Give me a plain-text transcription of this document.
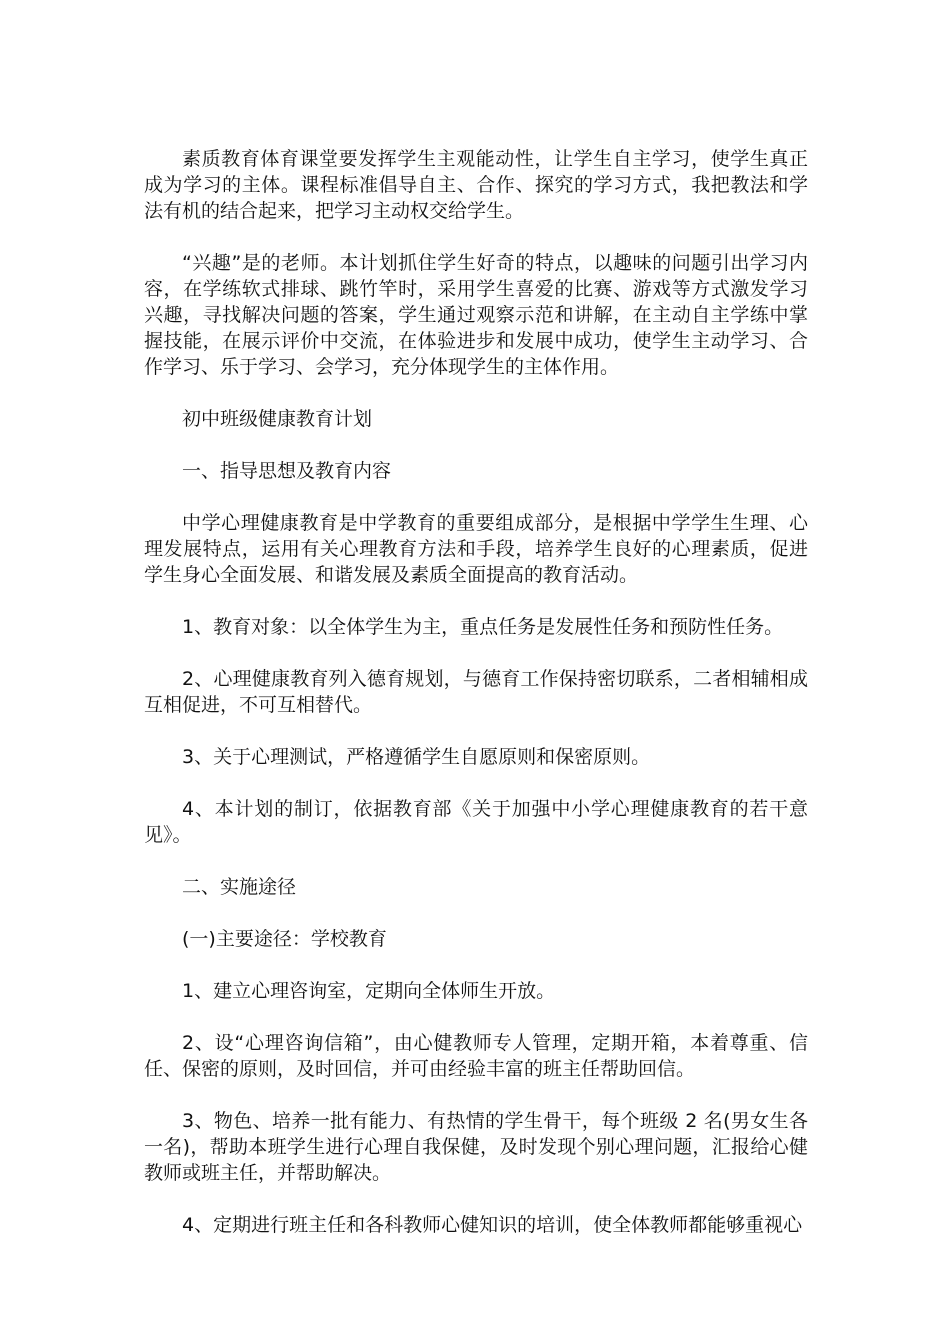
素质教育体育课堂要发挥学生主观能动性，让学生自主学习，使学生真正成为学习的主体。课程标准倡导自主、合作、探究的学习方式，我把教法和学法有机的结合起来，把学习主动权交给学生。

“兴趣”是的老师。本计划抓住学生好奇的特点，以趣味的问题引出学习内容，在学练软式排球、跳竹竿时，采用学生喜爱的比赛、游戏等方式激发学习兴趣，寻找解决问题的答案，学生通过观察示范和讲解，在主动自主学练中掌握技能，在展示评价中交流，在体验进步和发展中成功，使学生主动学习、合作学习、乐于学习、会学习，充分体现学生的主体作用。

初中班级健康教育计划

一、指导思想及教育内容

中学心理健康教育是中学教育的重要组成部分，是根据中学学生生理、心理发展特点，运用有关心理教育方法和手段，培养学生良好的心理素质，促进学生身心全面发展、和谐发展及素质全面提高的教育活动。

1、教育对象：以全体学生为主，重点任务是发展性任务和预防性任务。

2、心理健康教育列入德育规划，与德育工作保持密切联系，二者相辅相成互相促进，不可互相替代。

3、关于心理测试，严格遵循学生自愿原则和保密原则。

4、本计划的制订，依据教育部《关于加强中小学心理健康教育的若干意见》。

二、实施途径

(一)主要途径：学校教育

1、建立心理咨询室，定期向全体师生开放。

2、设“心理咨询信箱”，由心健教师专人管理，定期开箱，本着尊重、信任、保密的原则，及时回信，并可由经验丰富的班主任帮助回信。

3、物色、培养一批有能力、有热情的学生骨干，每个班级 2 名(男女生各一名)，帮助本班学生进行心理自我保健，及时发现个别心理问题，汇报给心健教师或班主任，并帮助解决。

4、定期进行班主任和各科教师心健知识的培训，使全体教师都能够重视心
